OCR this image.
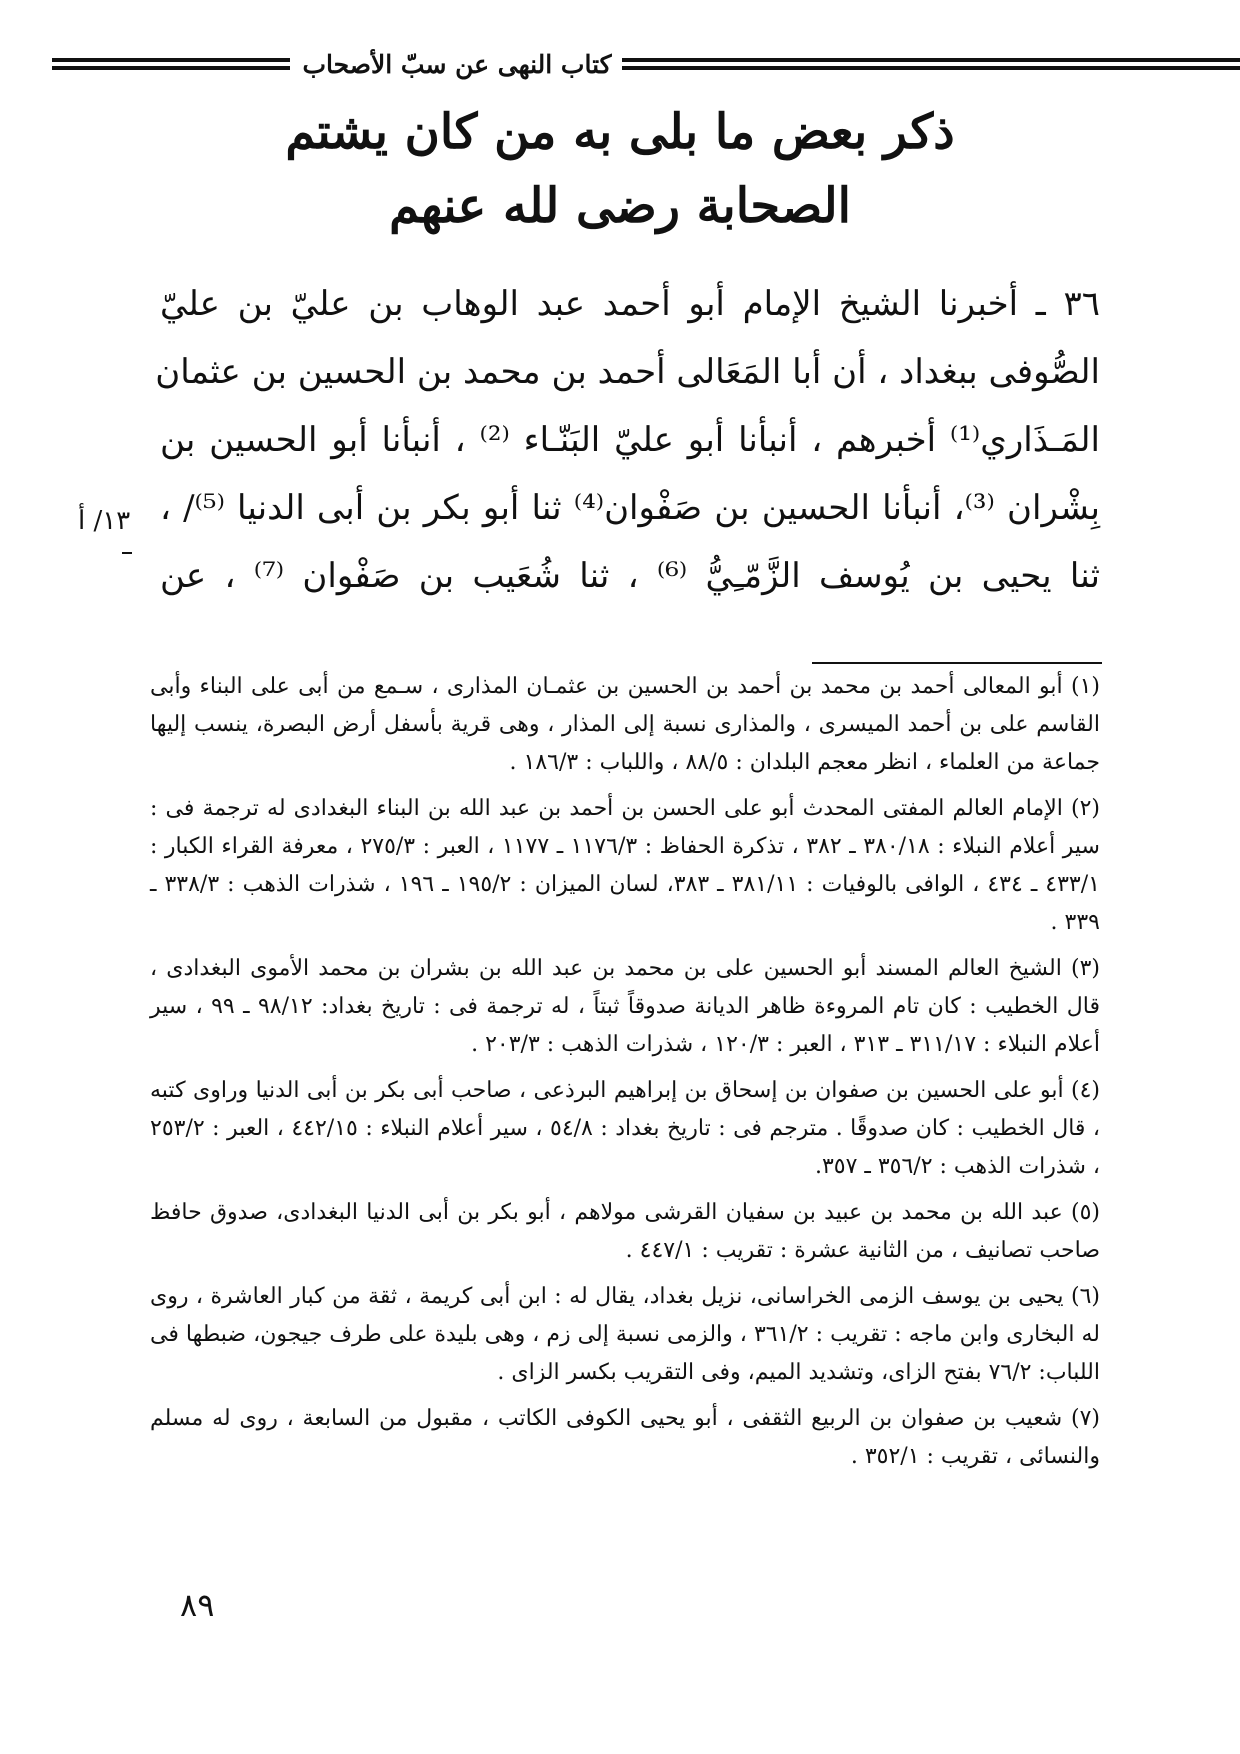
كتاب النهى عن سبّ الأصحاب
ذكر بعض ما بلى به من كان يشتم
الصحابة رضى لله عنهم
٣٦ ـ أخبرنا الشيخ الإمام أبو أحمد عبد الوهاب بن عليّ بن عليّ
الصُّوفى ببغداد ، أن أبا المَعَالى أحمد بن محمد بن الحسين بن عثمان
المَـذَاري⁽¹⁾ أخبرهم ، أنبأنا أبو عليّ البَنّـاء ⁽²⁾ ، أنبأنا أبو الحسين بن
بِشْران ⁽³⁾، أنبأنا الحسين بن صَفْوان⁽⁴⁾ ثنا أبو بكر بن أبى الدنيا ⁽⁵⁾/ ،
ثنا يحيى بن يُوسف الزَّمّـِيُّ ⁽⁶⁾ ، ثنا شُعَيب بن صَفْوان ⁽⁷⁾ ، عن
١٣/ أ

(١) أبو المعالى أحمد بن محمد بن أحمد بن الحسين بن عثمـان المذارى ، سـمع من أبى على البناء وأبى القاسم على بن أحمد الميسرى ، والمذارى نسبة إلى المذار ، وهى قرية بأسفل أرض البصرة، ينسب إليها جماعة من العلماء ، انظر معجم البلدان : ٨٨/٥ ، واللباب : ١٨٦/٣ .

(٢) الإمام العالم المفتى المحدث أبو على الحسن بن أحمد بن عبد الله بن البناء البغدادى له ترجمة فى : سير أعلام النبلاء : ٣٨٠/١٨ ـ ٣٨٢ ، تذكرة الحفاظ : ١١٧٦/٣ ـ ١١٧٧ ، العبر : ٢٧٥/٣ ، معرفة القراء الكبار : ٤٣٣/١ ـ ٤٣٤ ، الوافى بالوفيات : ٣٨١/١١ ـ ٣٨٣، لسان الميزان : ١٩٥/٢ ـ ١٩٦ ، شذرات الذهب : ٣٣٨/٣ ـ ٣٣٩ .

(٣) الشيخ العالم المسند أبو الحسين على بن محمد بن عبد الله بن بشران بن محمد الأموى البغدادى ، قال الخطيب : كان تام المروءة ظاهر الديانة صدوقاً ثبتاً ، له ترجمة فى : تاريخ بغداد: ٩٨/١٢ ـ ٩٩ ، سير أعلام النبلاء : ٣١١/١٧ ـ ٣١٣ ، العبر : ١٢٠/٣ ، شذرات الذهب : ٢٠٣/٣ .

(٤) أبو على الحسين بن صفوان بن إسحاق بن إبراهيم البرذعى ، صاحب أبى بكر بن أبى الدنيا وراوى كتبه ، قال الخطيب : كان صدوقًا . مترجم فى : تاريخ بغداد : ٥٤/٨ ، سير أعلام النبلاء : ٤٤٢/١٥ ، العبر : ٢٥٣/٢ ، شذرات الذهب : ٣٥٦/٢ ـ ٣٥٧.

(٥) عبد الله بن محمد بن عبيد بن سفيان القرشى مولاهم ، أبو بكر بن أبى الدنيا البغدادى، صدوق حافظ صاحب تصانيف ، من الثانية عشرة : تقريب : ٤٤٧/١ .

(٦) يحيى بن يوسف الزمى الخراسانى، نزيل بغداد، يقال له : ابن أبى كريمة ، ثقة من كبار العاشرة ، روى له البخارى وابن ماجه : تقريب : ٣٦١/٢ ، والزمى نسبة إلى زم ، وهى بليدة على طرف جيجون، ضبطها فى اللباب: ٧٦/٢ بفتح الزاى، وتشديد الميم، وفى التقريب بكسر الزاى .

(٧) شعيب بن صفوان بن الربيع الثقفى ، أبو يحيى الكوفى الكاتب ، مقبول من السابعة ، روى له مسلم والنسائى ، تقريب : ٣٥٢/١ .

٨٩
